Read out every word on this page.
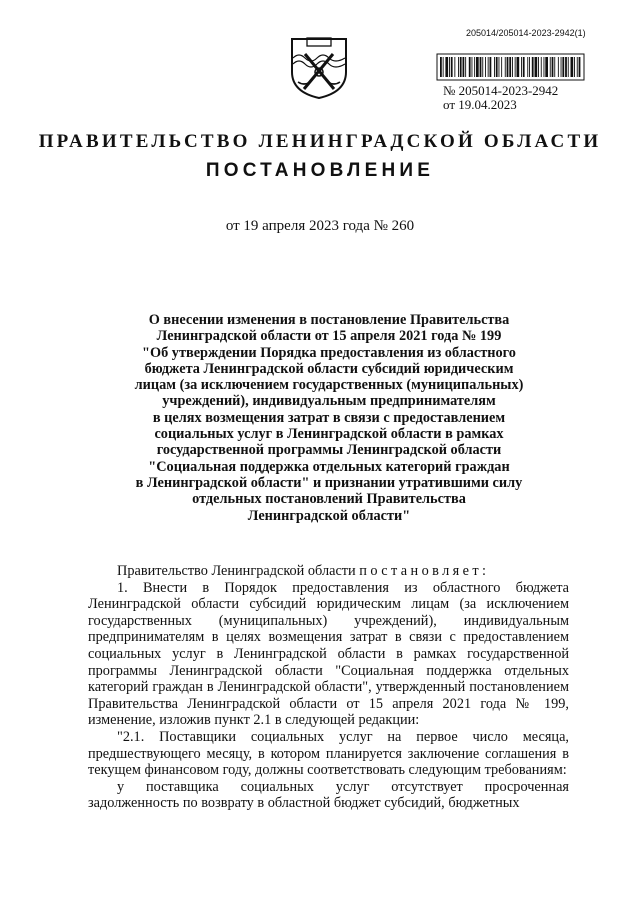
205014/205014-2023-2942(1)
№ 205014-2023-2942
от 19.04.2023
ПРАВИТЕЛЬСТВО ЛЕНИНГРАДСКОЙ ОБЛАСТИ
ПОСТАНОВЛЕНИЕ
от 19 апреля 2023 года № 260
О внесении изменения в постановление Правительства
Ленинградской области от 15 апреля 2021 года № 199
"Об утверждении Порядка предоставления из областного
бюджета Ленинградской области субсидий юридическим
лицам (за исключением государственных (муниципальных)
учреждений), индивидуальным предпринимателям
в целях возмещения затрат в связи с предоставлением
социальных услуг в Ленинградской области в рамках
государственной программы Ленинградской области
"Социальная поддержка отдельных категорий граждан
в Ленинградской области" и признании утратившими силу
отдельных постановлений Правительства
Ленинградской области"

Правительство Ленинградской области постановляет:

1. Внести в Порядок предоставления из областного бюджета Ленинградской области субсидий юридическим лицам (за исключением государственных (муниципальных) учреждений), индивидуальным предпринимателям в целях возмещения затрат в связи с предоставлением социальных услуг в Ленинградской области в рамках государственной программы Ленинградской области "Социальная поддержка отдельных категорий граждан в Ленинградской области", утвержденный постановлением Правительства Ленинградской области от 15 апреля 2021 года № 199, изменение, изложив пункт 2.1 в следующей редакции:

"2.1. Поставщики социальных услуг на первое число месяца, предшествующего месяцу, в котором планируется заключение соглашения в текущем финансовом году, должны соответствовать следующим требованиям:

у поставщика социальных услуг отсутствует просроченная задолженность по возврату в областной бюджет субсидий, бюджетных
